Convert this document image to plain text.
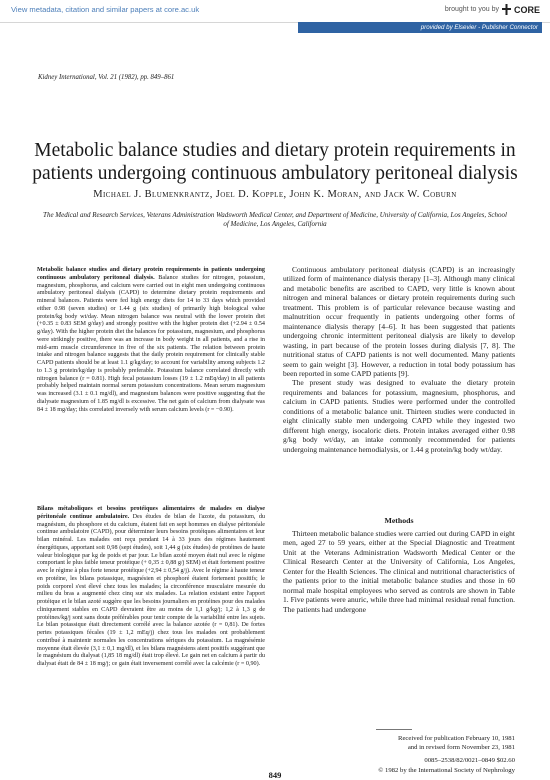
View metadata, citation and similar papers at core.ac.uk	brought to you by CORE
provided by Elsevier - Publisher Connector
Kidney International, Vol. 21 (1982), pp. 849–861
Metabolic balance studies and dietary protein requirements in patients undergoing continuous ambulatory peritoneal dialysis
Michael J. Blumenkrantz, Joel D. Kopple, John K. Moran, and Jack W. Coburn
The Medical and Research Services, Veterans Administration Wadsworth Medical Center, and Department of Medicine, University of California, Los Angeles, School of Medicine, Los Angeles, California

Metabolic balance studies and dietary protein requirements in patients undergoing continuous ambulatory peritoneal dialysis. Balance studies for nitrogen, potassium, magnesium, phosphorus, and calcium were carried out in eight men undergoing continuous ambulatory peritoneal dialysis (CAPD) to determine dietary protein requirements and mineral balances. Patients were fed high energy diets for 14 to 33 days which provided either 0.98 (seven studies) or 1.44 g (six studies) of primarily high biological value protein/kg body wt/day. Mean nitrogen balance was neutral with the lower protein diet (+0.35 ± 0.83 SEM g/day) and strongly positive with the higher protein diet (+2.94 ± 0.54 g/day). With the higher protein diet the balances for potassium, magnesium, and phosphorus were strikingly positive, there was an increase in body weight in all patients, and a rise in mid-arm muscle circumference in five of the six patients. The relation between protein intake and nitrogen balance suggests that the daily protein requirement for clinically stable CAPD patients should be at least 1.1 g/kg/day; to account for variability among subjects 1.2 to 1.3 g protein/kg/day is probably preferable. Potassium balance correlated directly with nitrogen balance (r = 0.81). High fecal potassium losses (19 ± 1.2 mEq/day) in all patients probably helped maintain normal serum potassium concentrations. Mean serum magnesium was increased (3.1 ± 0.1 mg/dl), and magnesium balances were positive suggesting that the dialysate magnesium of 1.85 mg/dl is excessive. The net gain of calcium from dialysate was 84 ± 18 mg/day; this correlated inversely with serum calcium levels (r = −0.90).

Bilans métaboliques et besoins protéiques alimentaires de malades en dialyse péritonéale continue ambulatoire. Des études de bilan de l'azote, du potassium, du magnésium, du phosphore et du calcium, étaient fait en sept hommes en dialyse péritonéale continue ambulatoire (CAPD), pour déterminer leurs besoins protéiques alimentaires et leur bilan minéral. Les malades ont reçu pendant 14 à 33 jours des régimes hautement énergétiques, apportant soit 0,98 (sept études), soit 1,44 g (six études) de protéines de haute valeur biologique par kg de poids et par jour. Le bilan azoté moyen était nul avec le régime comportant le plus faible teneur protéique (+ 0,35 ± 0,88 g/j SEM) et était fortement positive avec le régime à plus forte teneur protéique (+2,94 ± 0,54 g/j). Avec le régime à haute teneur en protéine, les bilans potassique, magnésien et phosphoré étaient fortement positifs; le poids corporel s'est élevé chez tous les malades; la circonférence musculaire mesurée du milieu du bras a augmenté chez cinq sur six malades. La relation existant entre l'apport protéique et le bilan azoté suggère que les besoins journaliers en protéines pour des malades cliniquement stables en CAPD devraient être au moins de 1,1 g/kg/j; 1,2 à 1,3 g de protéines/kg/j sont sans doute préférables pour tenir compte de la variabilité entre les sujets. Le bilan potassique était directement corrélé avec la balance azotée (r = 0,81). De fortes pertes potassiques fécales (19 ± 1,2 mEq/j) chez tous les malades ont probablement contribué à maintenir normales les concentrations sériques du potassium. La magnésémie moyenne était élevée (3,1 ± 0,1 mg/dl), et les bilans magnésiens aient positifs suggérant que le magnésium du dialysat (1,85 18 mg/dl) était trop élevé. Le gain net en calcium à partir du dialysat était de 84 ± 18 mg/j; ce gain était inversement corrélé avec la calcémie (r = 0,90).

Continuous ambulatory peritoneal dialysis (CAPD) is an increasingly utilized form of maintenance dialysis therapy [1–3]. Although many clinical and metabolic benefits are ascribed to CAPD, very little is known about nitrogen and mineral balances or dietary protein requirements during such treatment. This problem is of particular relevance because wasting and malnutrition occur frequently in patients undergoing other forms of maintenance dialysis therapy [4–6]. It has been suggested that patients undergoing chronic intermittent peritoneal dialysis are likely to develop wasting, in part because of the protein losses during dialysis [7, 8]. The nutritional status of CAPD patients is not well documented. Many patients seem to gain weight [3]. However, a reduction in total body potassium has been reported in some CAPD patients [9].

The present study was designed to evaluate the dietary protein requirements and balances for potassium, magnesium, phosphorus, and calcium in CAPD patients. Studies were performed under the controlled conditions of a metabolic balance unit. Thirteen studies were conducted in eight clinically stable men undergoing CAPD while they ingested two different high energy, isocaloric diets. Protein intakes averaged either 0.98 g/kg body wt/day, an intake commonly recommended for patients undergoing maintenance hemodialysis, or 1.44 g protein/kg body wt/day.

Methods

Thirteen metabolic balance studies were carried out during CAPD in eight men, aged 27 to 59 years, either at the Special Diagnostic and Treatment Unit at the Veterans Administration Wadsworth Medical Center or the Clinical Research Center at the University of California, Los Angeles, Center for the Health Sciences. The clinical and nutritional characteristics of the patients prior to the initial metabolic balance studies and those in 60 normal male hospital employees who served as controls are shown in Table 1. Five patients were anuric, while three had minimal residual renal function. The patients had undergone

Received for publication February 10, 1981
and in revised form November 23, 1981
0085–2538/82/0021–0849 $02.60
© 1982 by the International Society of Nephrology
849
